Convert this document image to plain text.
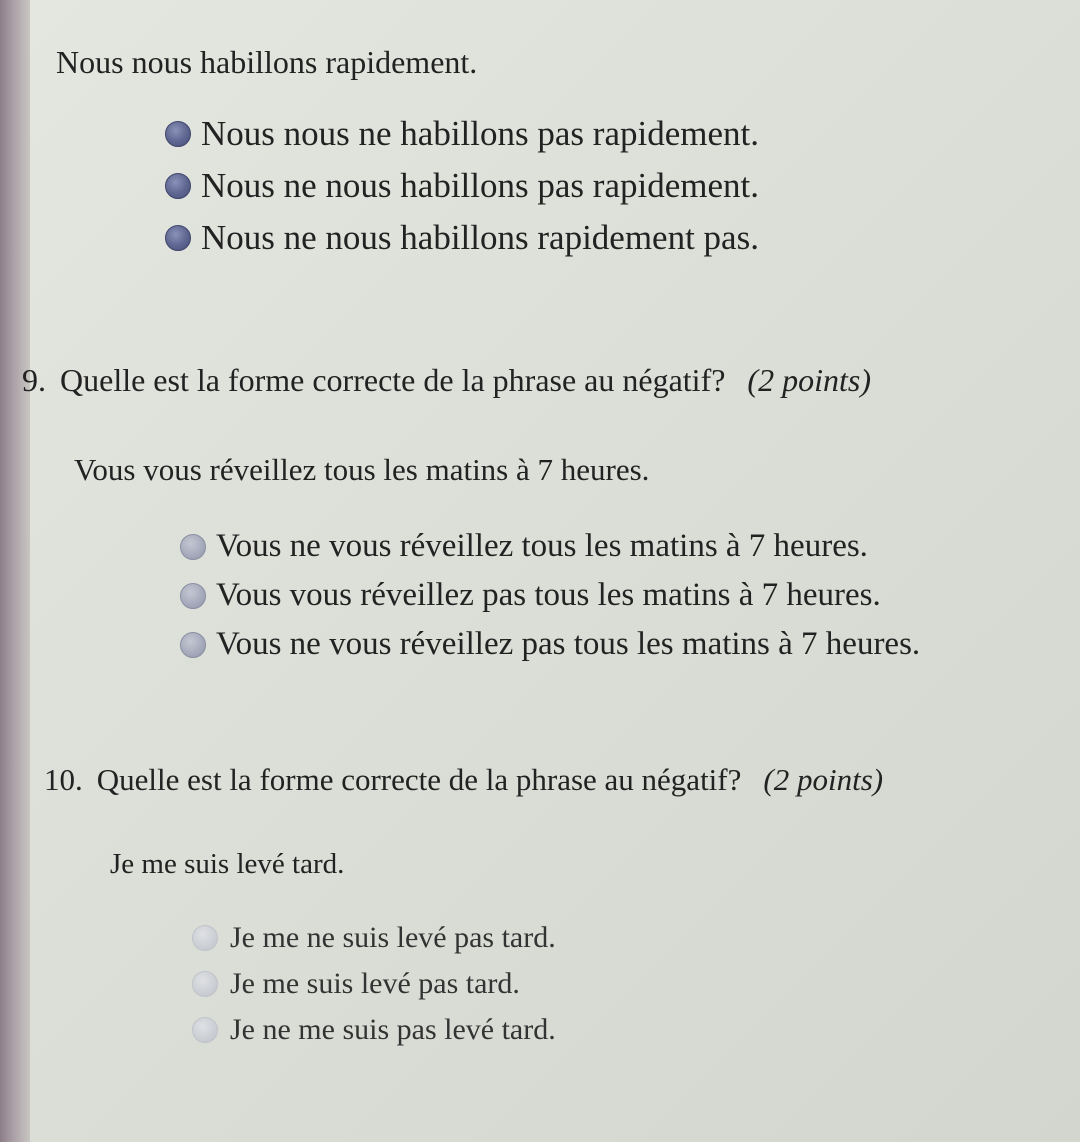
Nous nous habillons rapidement.
Nous nous ne habillons pas rapidement.
Nous ne nous habillons pas rapidement.
Nous ne nous habillons rapidement pas.
9. Quelle est la forme correcte de la phrase au négatif? (2 points)
Vous vous réveillez tous les matins à 7 heures.
Vous ne vous réveillez tous les matins à 7 heures.
Vous vous réveillez pas tous les matins à 7 heures.
Vous ne vous réveillez pas tous les matins à 7 heures.
10. Quelle est la forme correcte de la phrase au négatif? (2 points)
Je me suis levé tard.
Je me ne suis levé pas tard.
Je me suis levé pas tard.
Je ne me suis pas levé tard.
